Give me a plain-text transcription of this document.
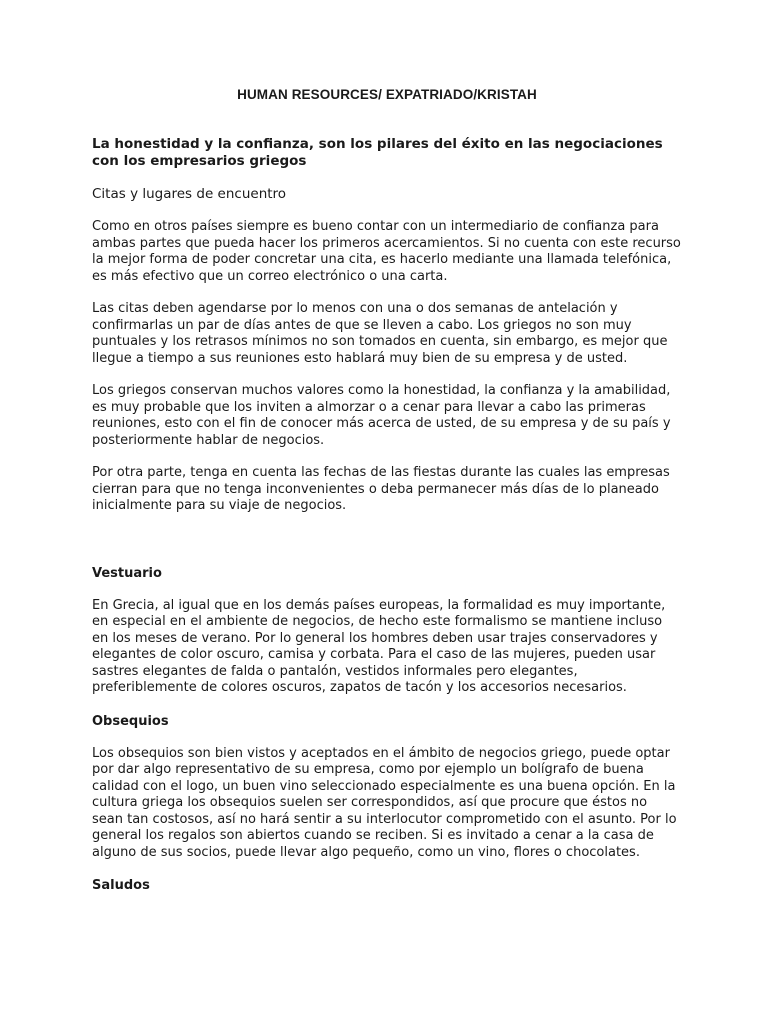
HUMAN RESOURCES/ EXPATRIADO/KRISTAH
La honestidad y la confianza, son los pilares del éxito en las negociaciones con los empresarios griegos
Citas y lugares de encuentro

Como en otros países siempre es bueno contar con un intermediario de confianza para ambas partes que pueda hacer los primeros acercamientos. Si no cuenta con este recurso la mejor forma de poder concretar una cita, es hacerlo mediante una llamada telefónica, es más efectivo que un correo electrónico o una carta.

Las citas deben agendarse por lo menos con una o dos semanas de antelación y confirmarlas un par de días antes de que se lleven a cabo. Los griegos no son muy puntuales y los retrasos mínimos no son tomados en cuenta, sin embargo, es mejor que llegue a tiempo a sus reuniones esto hablará muy bien de su empresa y de usted.

Los griegos conservan muchos valores como la honestidad, la confianza y la amabilidad, es muy probable que los inviten a almorzar o a cenar para llevar a cabo las primeras reuniones, esto con el fin de conocer más acerca de usted, de su empresa y de su país y posteriormente hablar de negocios.

Por otra parte, tenga en cuenta las fechas de las fiestas durante las cuales las empresas cierran para que no tenga inconvenientes o deba permanecer más días de lo planeado inicialmente para su viaje de negocios.

Vestuario

En Grecia, al igual que en los demás países europeas, la formalidad es muy importante, en especial en el ambiente de negocios, de hecho este formalismo se mantiene incluso en los meses de verano. Por lo general los hombres deben usar trajes conservadores y elegantes de color oscuro, camisa y corbata. Para el caso de las mujeres, pueden usar sastres elegantes de falda o pantalón, vestidos informales pero elegantes, preferiblemente de colores oscuros, zapatos de tacón y los accesorios necesarios.

Obsequios

Los obsequios son bien vistos y aceptados en el ámbito de negocios griego, puede optar por dar algo representativo de su empresa, como por ejemplo un bolígrafo de buena calidad con el logo, un buen vino seleccionado especialmente es una buena opción. En la cultura griega los obsequios suelen ser correspondidos, así que procure que éstos no sean tan costosos, así no hará sentir a su interlocutor comprometido con el asunto. Por lo general los regalos son abiertos cuando se reciben. Si es invitado a cenar a la casa de alguno de sus socios, puede llevar algo pequeño, como un vino, flores o chocolates.

Saludos
